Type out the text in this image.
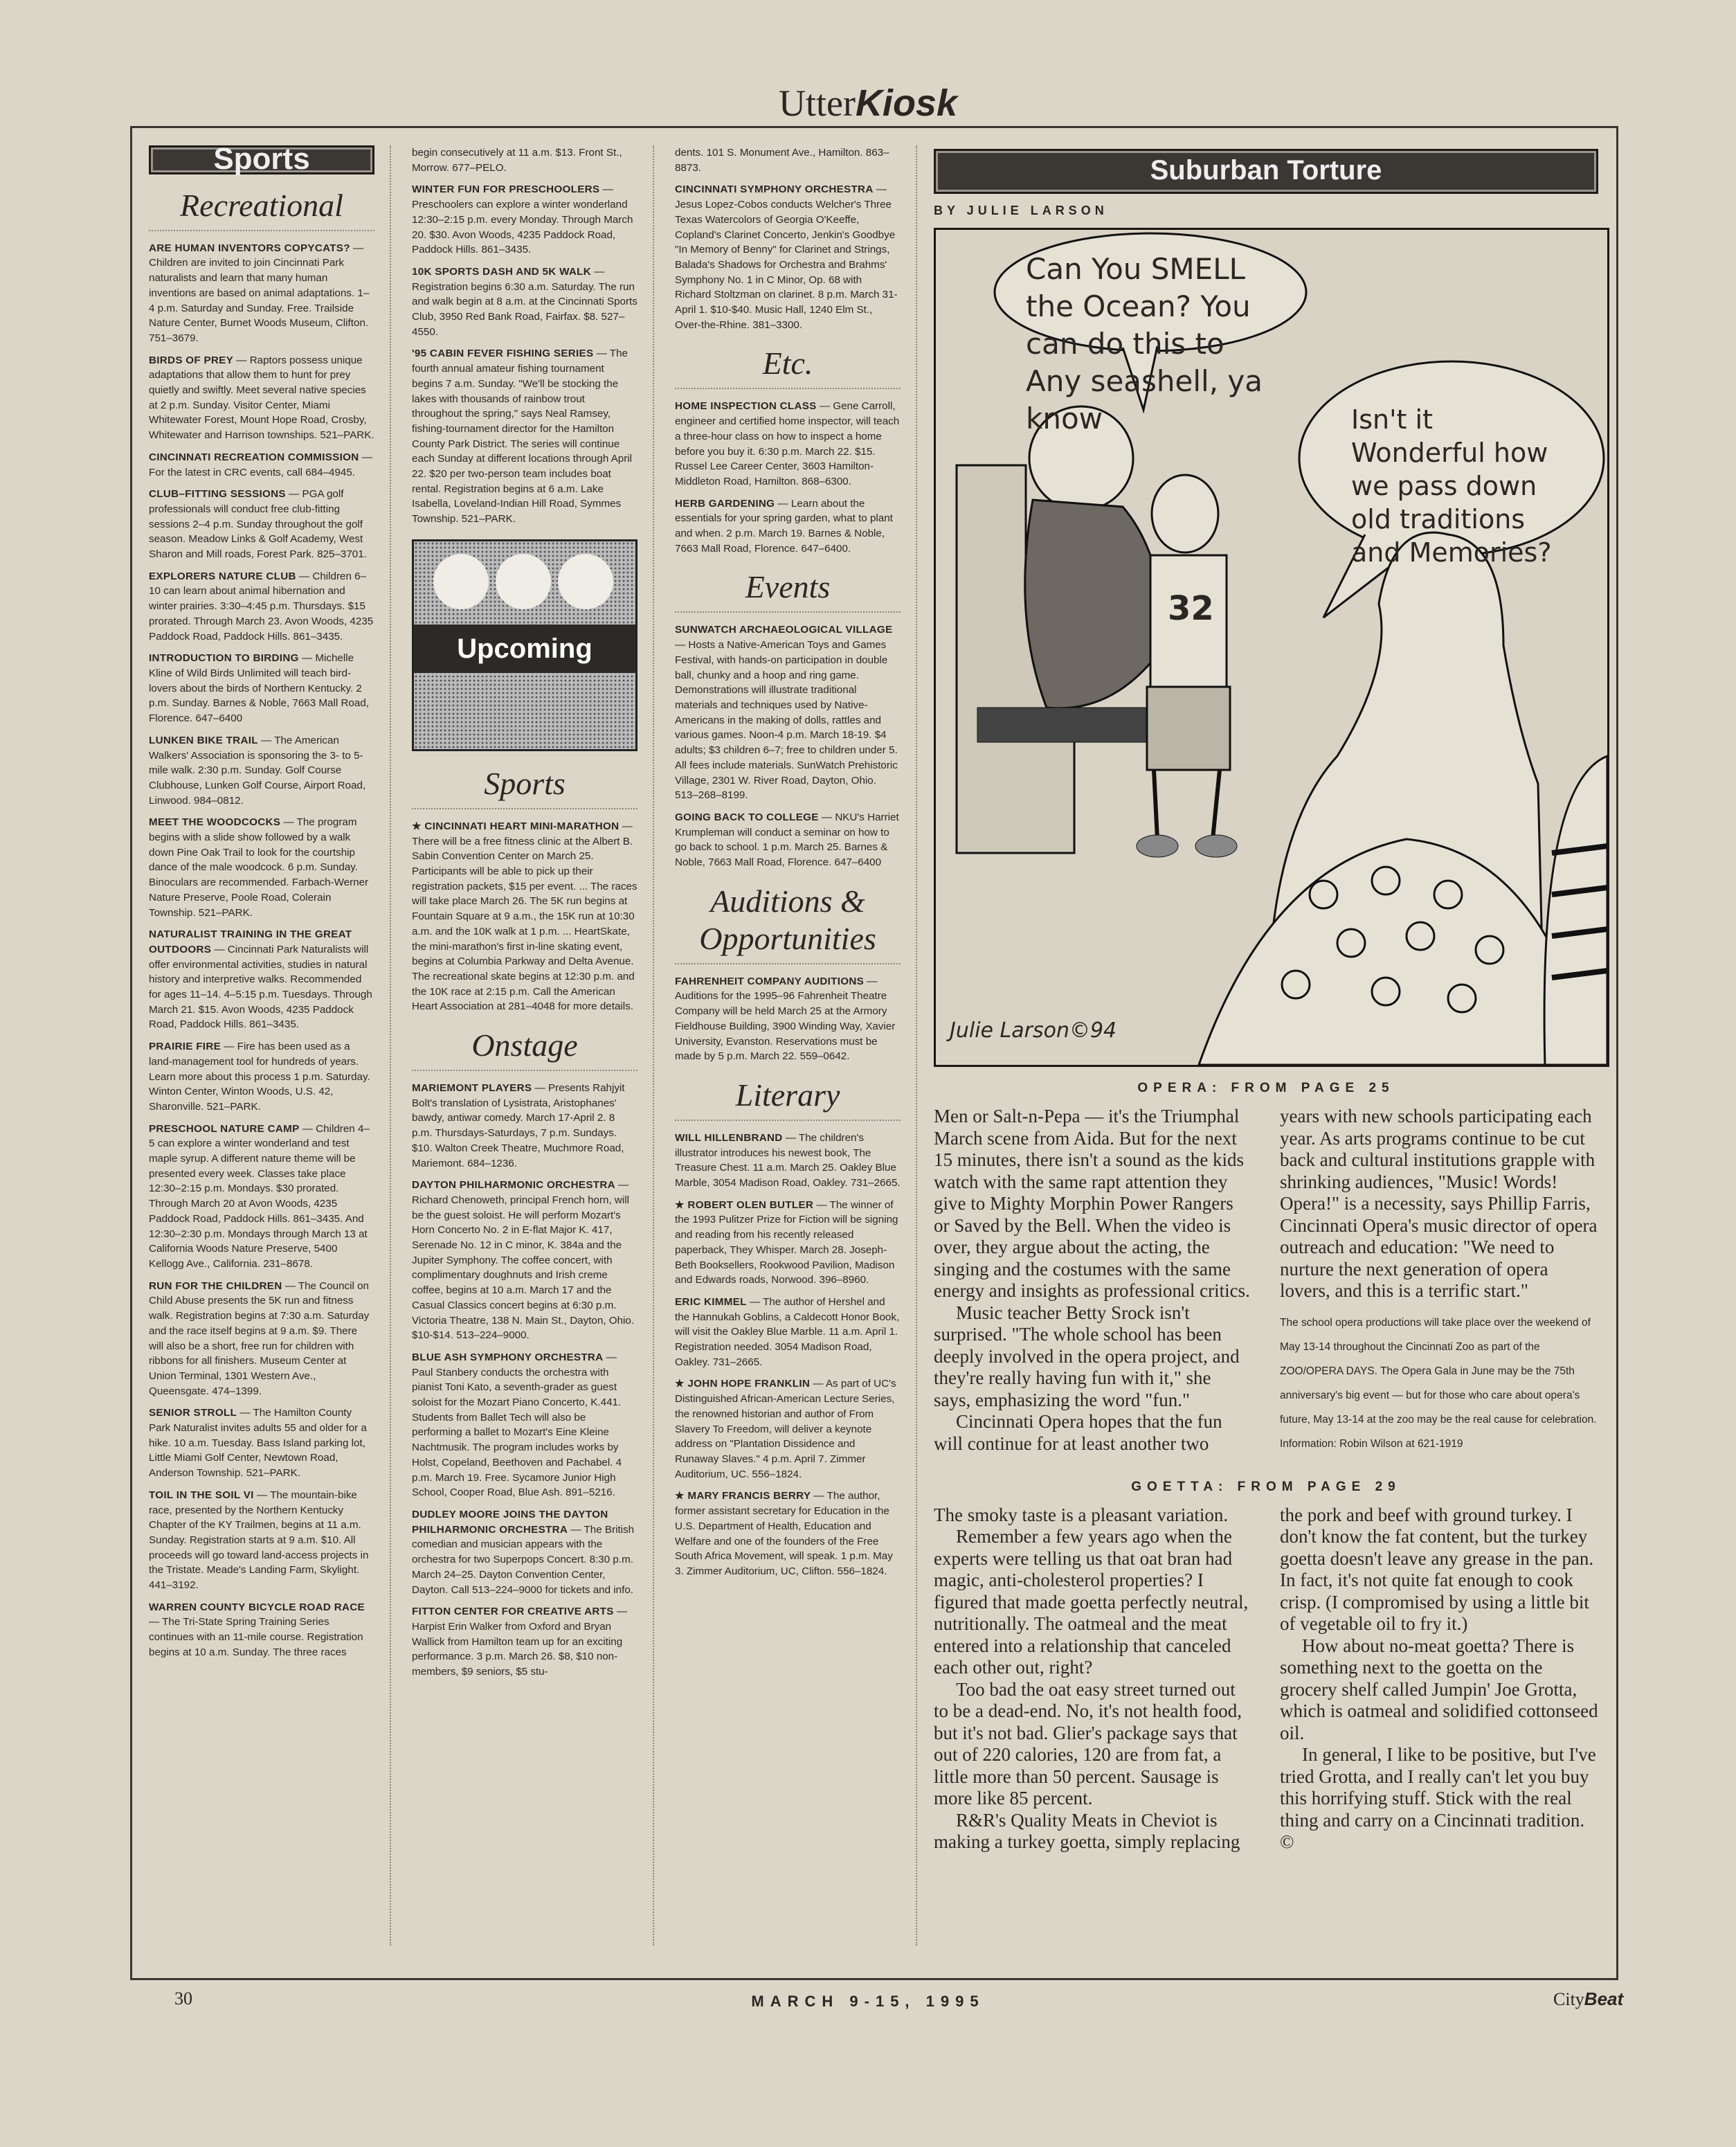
UtterKiosk
Sports
Recreational
ARE HUMAN INVENTORS COPYCATS? — Children are invited to join Cincinnati Park naturalists and learn that many human inventions are based on animal adaptations. 1–4 p.m. Saturday and Sunday. Free. Trailside Nature Center, Burnet Woods Museum, Clifton. 751–3679.
BIRDS OF PREY — Raptors possess unique adaptations that allow them to hunt for prey quietly and swiftly. Meet several native species at 2 p.m. Sunday. Visitor Center, Miami Whitewater Forest, Mount Hope Road, Crosby, Whitewater and Harrison townships. 521–PARK.
CINCINNATI RECREATION COMMISSION — For the latest in CRC events, call 684–4945.
CLUB–FITTING SESSIONS — PGA golf professionals will conduct free club-fitting sessions 2–4 p.m. Sunday throughout the golf season. Meadow Links & Golf Academy, West Sharon and Mill roads, Forest Park. 825–3701.
EXPLORERS NATURE CLUB — Children 6–10 can learn about animal hibernation and winter prairies. 3:30–4:45 p.m. Thursdays. $15 prorated. Through March 23. Avon Woods, 4235 Paddock Road, Paddock Hills. 861–3435.
INTRODUCTION TO BIRDING — Michelle Kline of Wild Birds Unlimited will teach bird-lovers about the birds of Northern Kentucky. 2 p.m. Sunday. Barnes & Noble, 7663 Mall Road, Florence. 647–6400
LUNKEN BIKE TRAIL — The American Walkers' Association is sponsoring the 3- to 5-mile walk. 2:30 p.m. Sunday. Golf Course Clubhouse, Lunken Golf Course, Airport Road, Linwood. 984–0812.
MEET THE WOODCOCKS — The program begins with a slide show followed by a walk down Pine Oak Trail to look for the courtship dance of the male woodcock. 6 p.m. Sunday. Binoculars are recommended. Farbach-Werner Nature Preserve, Poole Road, Colerain Township. 521–PARK.
NATURALIST TRAINING IN THE GREAT OUTDOORS — Cincinnati Park Naturalists will offer environmental activities, studies in natural history and interpretive walks. Recommended for ages 11–14. 4–5:15 p.m. Tuesdays. Through March 21. $15. Avon Woods, 4235 Paddock Road, Paddock Hills. 861–3435.
PRAIRIE FIRE — Fire has been used as a land-management tool for hundreds of years. Learn more about this process 1 p.m. Saturday. Winton Center, Winton Woods, U.S. 42, Sharonville. 521–PARK.
PRESCHOOL NATURE CAMP — Children 4–5 can explore a winter wonderland and test maple syrup. A different nature theme will be presented every week. Classes take place 12:30–2:15 p.m. Mondays. $30 prorated. Through March 20 at Avon Woods, 4235 Paddock Road, Paddock Hills. 861–3435. And 12:30–2:30 p.m. Mondays through March 13 at California Woods Nature Preserve, 5400 Kellogg Ave., California. 231–8678.
RUN FOR THE CHILDREN — The Council on Child Abuse presents the 5K run and fitness walk. Registration begins at 7:30 a.m. Saturday and the race itself begins at 9 a.m. $9. There will also be a short, free run for children with ribbons for all finishers. Museum Center at Union Terminal, 1301 Western Ave., Queensgate. 474–1399.
SENIOR STROLL — The Hamilton County Park Naturalist invites adults 55 and older for a hike. 10 a.m. Tuesday. Bass Island parking lot, Little Miami Golf Center, Newtown Road, Anderson Township. 521–PARK.
TOIL IN THE SOIL VI — The mountain-bike race, presented by the Northern Kentucky Chapter of the KY Trailmen, begins at 11 a.m. Sunday. Registration starts at 9 a.m. $10. All proceeds will go toward land-access projects in the Tristate. Meade's Landing Farm, Skylight. 441–3192.
WARREN COUNTY BICYCLE ROAD RACE — The Tri-State Spring Training Series continues with an 11-mile course. Registration begins at 10 a.m. Sunday. The three races
begin consecutively at 11 a.m. $13. Front St., Morrow. 677–PELO.
WINTER FUN FOR PRESCHOOLERS — Preschoolers can explore a winter wonderland 12:30–2:15 p.m. every Monday. Through March 20. $30. Avon Woods, 4235 Paddock Road, Paddock Hills. 861–3435.
10K SPORTS DASH AND 5K WALK — Registration begins 6:30 a.m. Saturday. The run and walk begin at 8 a.m. at the Cincinnati Sports Club, 3950 Red Bank Road, Fairfax. $8. 527–4550.
'95 CABIN FEVER FISHING SERIES — The fourth annual amateur fishing tournament begins 7 a.m. Sunday. "We'll be stocking the lakes with thousands of rainbow trout throughout the spring," says Neal Ramsey, fishing-tournament director for the Hamilton County Park District. The series will continue each Sunday at different locations through April 22. $20 per two-person team includes boat rental. Registration begins at 6 a.m. Lake Isabella, Loveland-Indian Hill Road, Symmes Township. 521–PARK.
Upcoming
Sports
★ CINCINNATI HEART MINI-MARATHON — There will be a free fitness clinic at the Albert B. Sabin Convention Center on March 25. Participants will be able to pick up their registration packets, $15 per event. ... The races will take place March 26. The 5K run begins at Fountain Square at 9 a.m., the 15K run at 10:30 a.m. and the 10K walk at 1 p.m. ... HeartSkate, the mini-marathon's first in-line skating event, begins at Columbia Parkway and Delta Avenue. The recreational skate begins at 12:30 p.m. and the 10K race at 2:15 p.m. Call the American Heart Association at 281–4048 for more details.
Onstage
MARIEMONT PLAYERS — Presents Rahjyit Bolt's translation of Lysistrata, Aristophanes' bawdy, antiwar comedy. March 17-April 2. 8 p.m. Thursdays-Saturdays, 7 p.m. Sundays. $10. Walton Creek Theatre, Muchmore Road, Mariemont. 684–1236.
DAYTON PHILHARMONIC ORCHESTRA — Richard Chenoweth, principal French horn, will be the guest soloist. He will perform Mozart's Horn Concerto No. 2 in E-flat Major K. 417, Serenade No. 12 in C minor, K. 384a and the Jupiter Symphony. The coffee concert, with complimentary doughnuts and Irish creme coffee, begins at 10 a.m. March 17 and the Casual Classics concert begins at 6:30 p.m. Victoria Theatre, 138 N. Main St., Dayton, Ohio. $10-$14. 513–224–9000.
BLUE ASH SYMPHONY ORCHESTRA — Paul Stanbery conducts the orchestra with pianist Toni Kato, a seventh-grader as guest soloist for the Mozart Piano Concerto, K.441. Students from Ballet Tech will also be performing a ballet to Mozart's Eine Kleine Nachtmusik. The program includes works by Holst, Copeland, Beethoven and Pachabel. 4 p.m. March 19. Free. Sycamore Junior High School, Cooper Road, Blue Ash. 891–5216.
DUDLEY MOORE JOINS THE DAYTON PHILHARMONIC ORCHESTRA — The British comedian and musician appears with the orchestra for two Superpops Concert. 8:30 p.m. March 24–25. Dayton Convention Center, Dayton. Call 513–224–9000 for tickets and info.
FITTON CENTER FOR CREATIVE ARTS — Harpist Erin Walker from Oxford and Bryan Wallick from Hamilton team up for an exciting performance. 3 p.m. March 26. $8, $10 non-members, $9 seniors, $5 stu-
dents. 101 S. Monument Ave., Hamilton. 863–8873.
CINCINNATI SYMPHONY ORCHESTRA — Jesus Lopez-Cobos conducts Welcher's Three Texas Watercolors of Georgia O'Keeffe, Copland's Clarinet Concerto, Jenkin's Goodbye "In Memory of Benny" for Clarinet and Strings, Balada's Shadows for Orchestra and Brahms' Symphony No. 1 in C Minor, Op. 68 with Richard Stoltzman on clarinet. 8 p.m. March 31-April 1. $10-$40. Music Hall, 1240 Elm St., Over-the-Rhine. 381–3300.
Etc.
HOME INSPECTION CLASS — Gene Carroll, engineer and certified home inspector, will teach a three-hour class on how to inspect a home before you buy it. 6:30 p.m. March 22. $15. Russel Lee Career Center, 3603 Hamilton-Middleton Road, Hamilton. 868–6300.
HERB GARDENING — Learn about the essentials for your spring garden, what to plant and when. 2 p.m. March 19. Barnes & Noble, 7663 Mall Road, Florence. 647–6400.
Events
SUNWATCH ARCHAEOLOGICAL VILLAGE — Hosts a Native-American Toys and Games Festival, with hands-on participation in double ball, chunky and a hoop and ring game. Demonstrations will illustrate traditional materials and techniques used by Native-Americans in the making of dolls, rattles and various games. Noon-4 p.m. March 18-19. $4 adults; $3 children 6–7; free to children under 5. All fees include materials. SunWatch Prehistoric Village, 2301 W. River Road, Dayton, Ohio. 513–268–8199.
GOING BACK TO COLLEGE — NKU's Harriet Krumpleman will conduct a seminar on how to go back to school. 1 p.m. March 25. Barnes & Noble, 7663 Mall Road, Florence. 647–6400
Auditions & Opportunities
FAHRENHEIT COMPANY AUDITIONS — Auditions for the 1995–96 Fahrenheit Theatre Company will be held March 25 at the Armory Fieldhouse Building, 3900 Winding Way, Xavier University, Evanston. Reservations must be made by 5 p.m. March 22. 559–0642.
Literary
WILL HILLENBRAND — The children's illustrator introduces his newest book, The Treasure Chest. 11 a.m. March 25. Oakley Blue Marble, 3054 Madison Road, Oakley. 731–2665.
★ ROBERT OLEN BUTLER — The winner of the 1993 Pulitzer Prize for Fiction will be signing and reading from his recently released paperback, They Whisper. March 28. Joseph-Beth Booksellers, Rookwood Pavilion, Madison and Edwards roads, Norwood. 396–8960.
ERIC KIMMEL — The author of Hershel and the Hannukah Goblins, a Caldecott Honor Book, will visit the Oakley Blue Marble. 11 a.m. April 1. Registration needed. 3054 Madison Road, Oakley. 731–2665.
★ JOHN HOPE FRANKLIN — As part of UC's Distinguished African-American Lecture Series, the renowned historian and author of From Slavery To Freedom, will deliver a keynote address on "Plantation Dissidence and Runaway Slaves." 4 p.m. April 7. Zimmer Auditorium, UC. 556–1824.
★ MARY FRANCIS BERRY — The author, former assistant secretary for Education in the U.S. Department of Health, Education and Welfare and one of the founders of the Free South Africa Movement, will speak. 1 p.m. May 3. Zimmer Auditorium, UC, Clifton. 556–1824.
Suburban Torture
BY JULIE LARSON
Can You SMELL the Ocean? You can do this to Any seashell, ya know	Isn't it Wonderful how we pass down old traditions and Memories?
32
Julie Larson©94
OPERA: FROM PAGE 25

Men or Salt-n-Pepa — it's the Triumphal March scene from Aida. But for the next 15 minutes, there isn't a sound as the kids watch with the same rapt attention they give to Mighty Morphin Power Rangers or Saved by the Bell. When the video is over, they argue about the acting, the singing and the costumes with the same energy and insights as professional critics.

Music teacher Betty Srock isn't surprised. "The whole school has been deeply involved in the opera project, and they're really having fun with it," she says, emphasizing the word "fun."

Cincinnati Opera hopes that the fun will continue for at least another two

years with new schools participating each year. As arts programs continue to be cut back and cultural institutions grapple with shrinking audiences, "Music! Words! Opera!" is a necessity, says Phillip Farris, Cincinnati Opera's music director of opera outreach and education: "We need to nurture the next generation of opera lovers, and this is a terrific start."

The school opera productions will take place over the weekend of May 13-14 throughout the Cincinnati Zoo as part of the ZOO/OPERA DAYS. The Opera Gala in June may be the 75th anniversary's big event — but for those who care about opera's future, May 13-14 at the zoo may be the real cause for celebration. Information: Robin Wilson at 621-1919
GOETTA: FROM PAGE 29

The smoky taste is a pleasant variation.

Remember a few years ago when the experts were telling us that oat bran had magic, anti-cholesterol properties? I figured that made goetta perfectly neutral, nutritionally. The oatmeal and the meat entered into a relationship that canceled each other out, right?

Too bad the oat easy street turned out to be a dead-end. No, it's not health food, but it's not bad. Glier's package says that out of 220 calories, 120 are from fat, a little more than 50 percent. Sausage is more like 85 percent.

R&R's Quality Meats in Cheviot is making a turkey goetta, simply replacing

the pork and beef with ground turkey. I don't know the fat content, but the turkey goetta doesn't leave any grease in the pan. In fact, it's not quite fat enough to cook crisp. (I compromised by using a little bit of vegetable oil to fry it.)

How about no-meat goetta? There is something next to the goetta on the grocery shelf called Jumpin' Joe Grotta, which is oatmeal and solidified cottonseed oil.

In general, I like to be positive, but I've tried Grotta, and I really can't let you buy this horrifying stuff. Stick with the real thing and carry on a Cincinnati tradition. ©

30	MARCH 9-15, 1995	CityBeat
